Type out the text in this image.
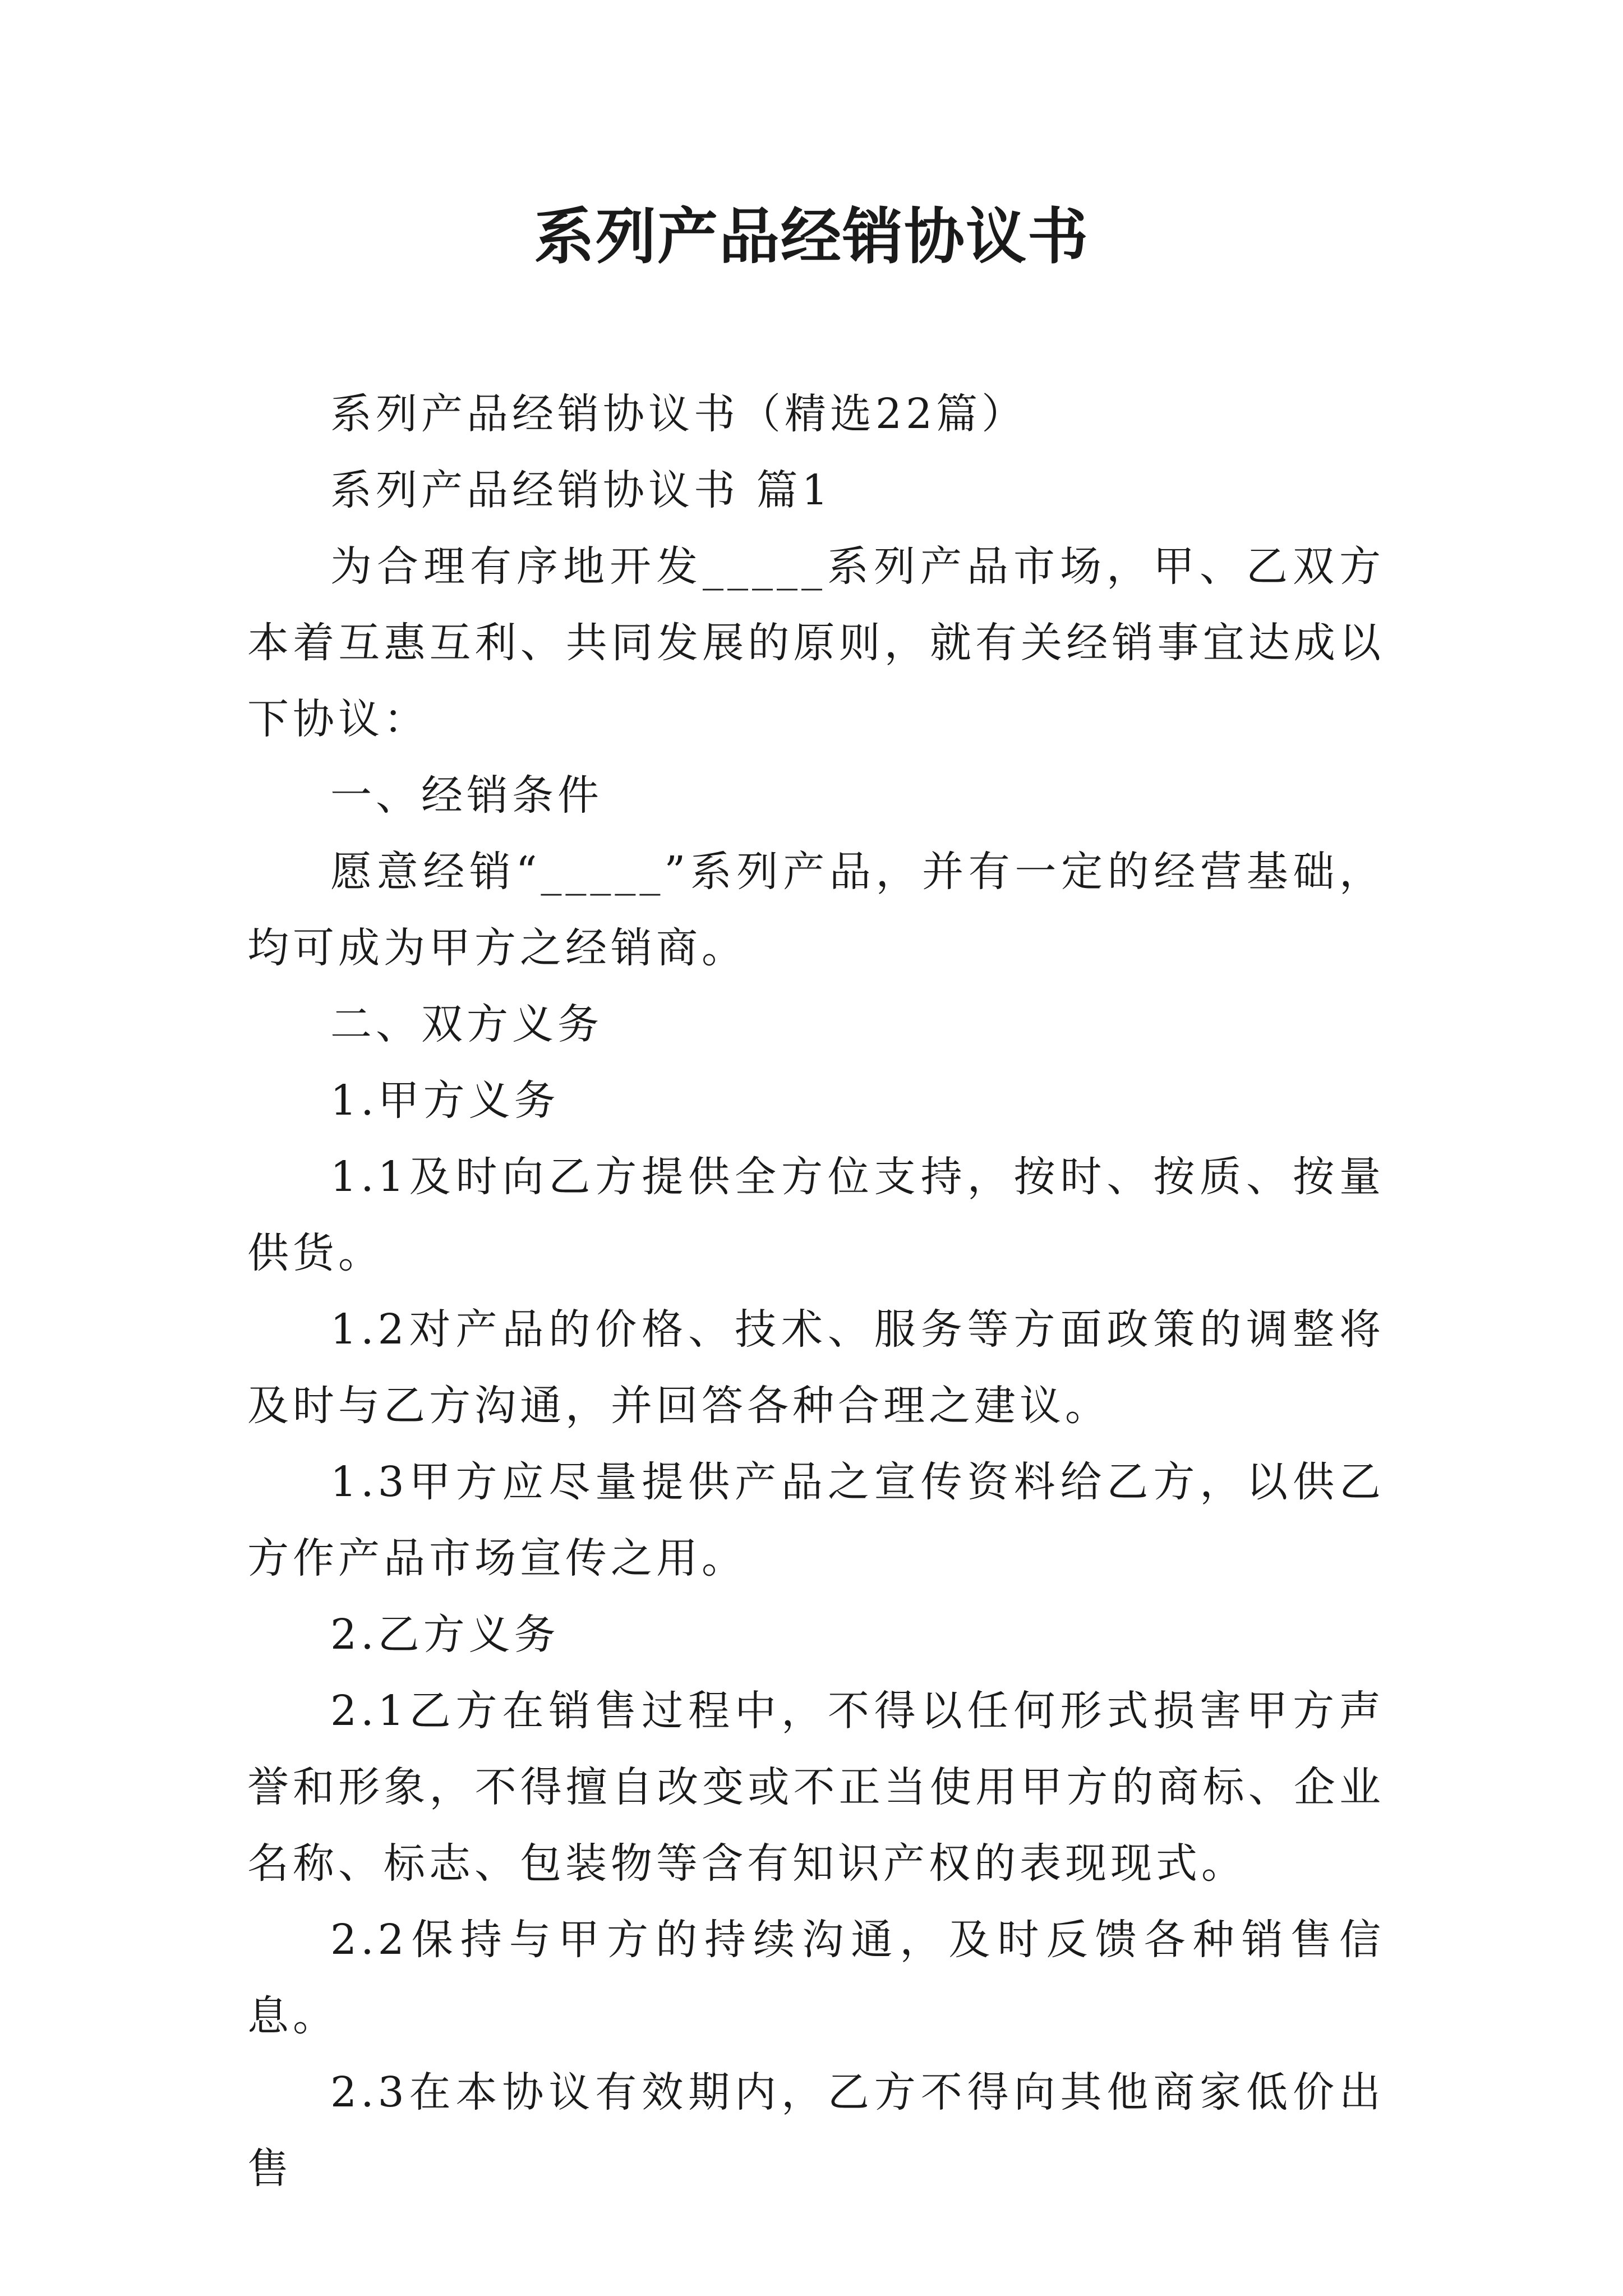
系列产品经销协议书

系列产品经销协议书（精选22篇）

系列产品经销协议书 篇1

为合理有序地开发_____系列产品市场，甲、乙双方本着互惠互利、共同发展的原则，就有关经销事宜达成以下协议：

一、经销条件

愿意经销“_____”系列产品，并有一定的经营基础，均可成为甲方之经销商。

二、双方义务

1.甲方义务

1.1及时向乙方提供全方位支持，按时、按质、按量供货。

1.2对产品的价格、技术、服务等方面政策的调整将及时与乙方沟通，并回答各种合理之建议。

1.3甲方应尽量提供产品之宣传资料给乙方，以供乙方作产品市场宣传之用。

2.乙方义务

2.1乙方在销售过程中，不得以任何形式损害甲方声誉和形象，不得擅自改变或不正当使用甲方的商标、企业名称、标志、包装物等含有知识产权的表现现式。

2.2保持与甲方的持续沟通，及时反馈各种销售信息。

2.3在本协议有效期内，乙方不得向其他商家低价出售
